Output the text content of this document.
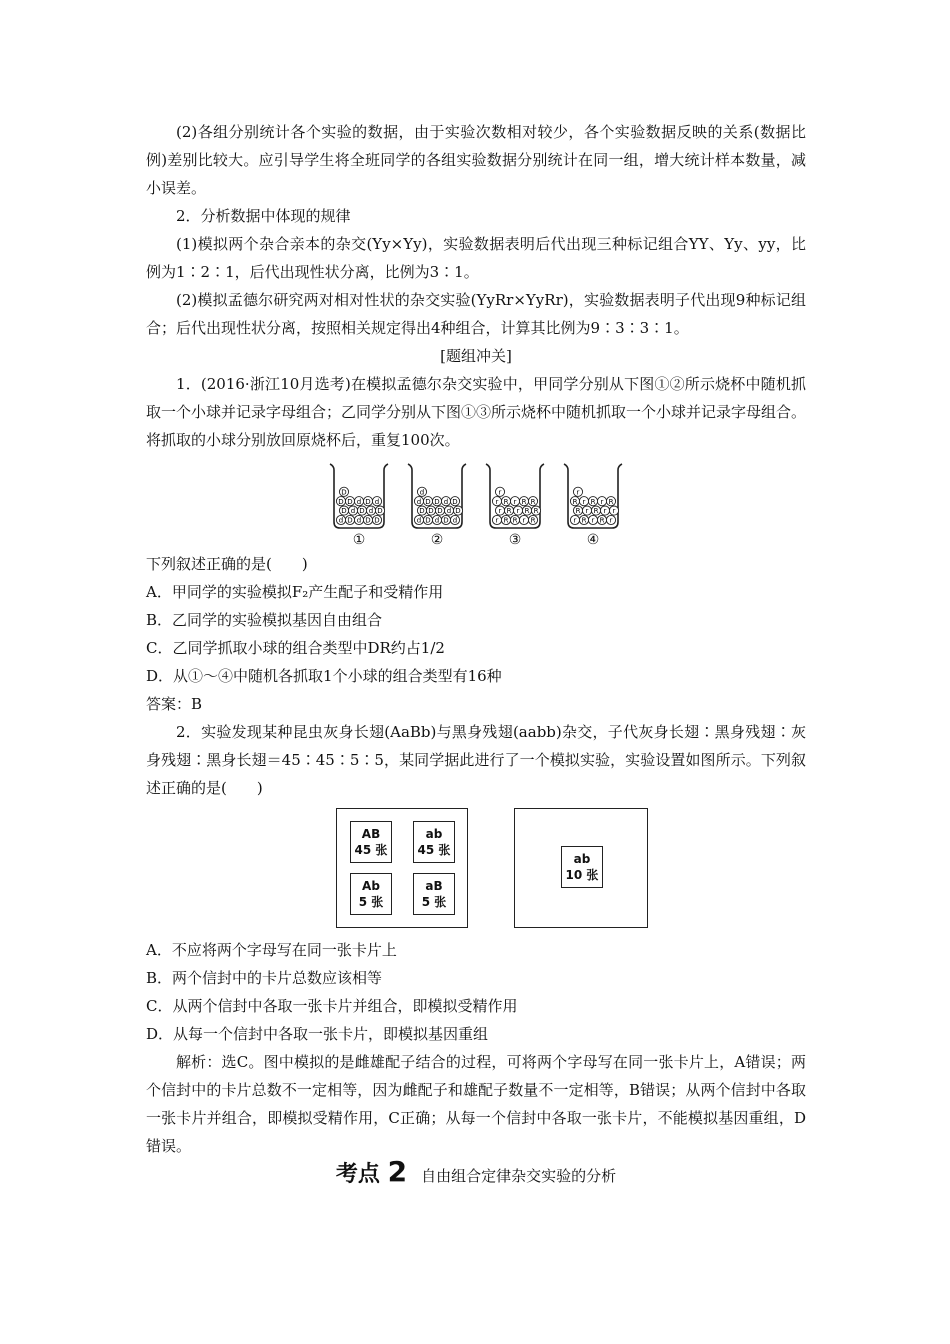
(2)各组分别统计各个实验的数据，由于实验次数相对较少，各个实验数据反映的关系(数据比例)差别比较大。应引导学生将全班同学的各组实验数据分别统计在同一组，增大统计样本数量，减小误差。

2．分析数据中体现的规律

(1)模拟两个杂合亲本的杂交(Yy×Yy)，实验数据表明后代出现三种标记组合YY、Yy、yy，比例为1∶2∶1，后代出现性状分离，比例为3∶1。

(2)模拟孟德尔研究两对相对性状的杂交实验(YyRr×YyRr)，实验数据表明子代出现9种标记组合；后代出现性状分离，按照相关规定得出4种组合，计算其比例为9∶3∶3∶1。

[题组冲关]

1．(2016·浙江10月选考)在模拟孟德尔杂交实验中，甲同学分别从下图①②所示烧杯中随机抓取一个小球并记录字母组合；乙同学分别从下图①③所示烧杯中随机抓取一个小球并记录字母组合。将抓取的小球分别放回原烧杯后，重复100次。

d D d D D
D d D d D
D D d D d
D
①
d D d D d
D D D d D
d D D d D
d
②
r R R r R
r R r R R
r R r R R
r
③
r R r R r
R r R r r
R r R r R
r
④

下列叙述正确的是(　　)

A．甲同学的实验模拟F₂产生配子和受精作用

B．乙同学的实验模拟基因自由组合

C．乙同学抓取小球的组合类型中DR约占1/2

D．从①～④中随机各抓取1个小球的组合类型有16种

答案：B

2．实验发现某种昆虫灰身长翅(AaBb)与黑身残翅(aabb)杂交，子代灰身长翅∶黑身残翅∶灰身残翅∶黑身长翅＝45∶45∶5∶5，某同学据此进行了一个模拟实验，实验设置如图所示。下列叙述正确的是(　　)

AB
45 张
ab
45 张
Ab
5 张
aB
5 张
ab
10 张

A．不应将两个字母写在同一张卡片上

B．两个信封中的卡片总数应该相等

C．从两个信封中各取一张卡片并组合，即模拟受精作用

D．从每一个信封中各取一张卡片，即模拟基因重组

解析：选C。图中模拟的是雌雄配子结合的过程，可将两个字母写在同一张卡片上，A错误；两个信封中的卡片总数不一定相等，因为雌配子和雄配子数量不一定相等，B错误；从两个信封中各取一张卡片并组合，即模拟受精作用，C正确；从每一个信封中各取一张卡片，不能模拟基因重组，D错误。

考点 2 自由组合定律杂交实验的分析
